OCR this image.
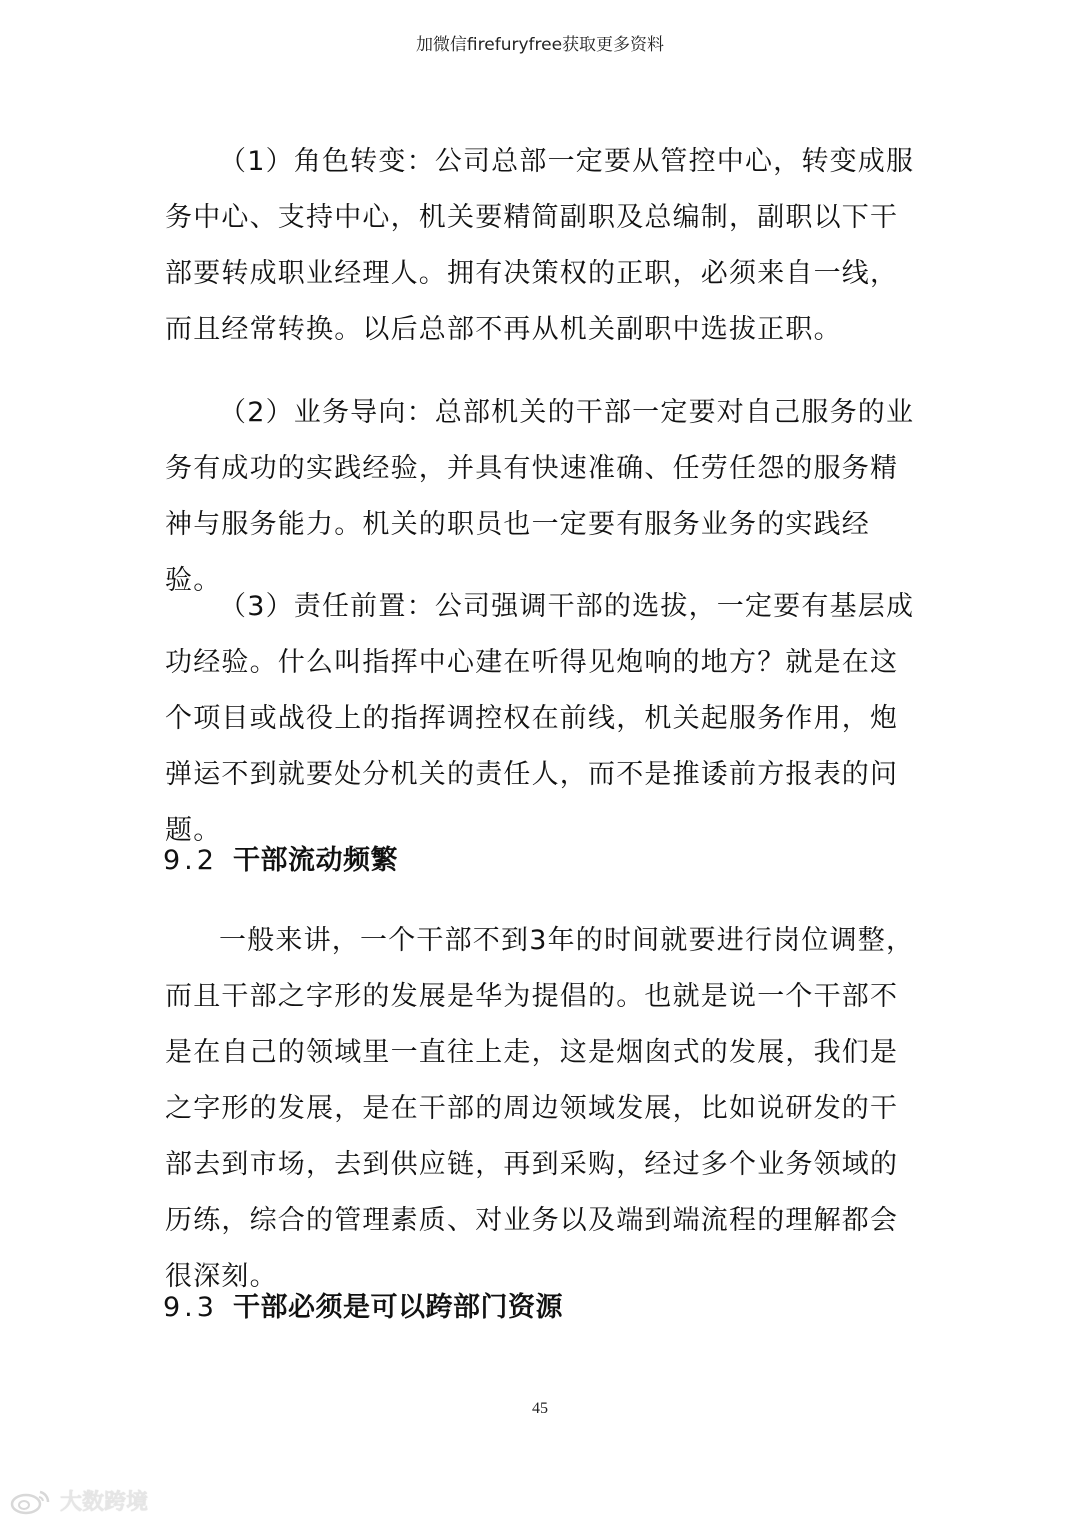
加微信firefuryfree获取更多资料

（1）角色转变：公司总部一定要从管控中心，转变成服务中心、支持中心，机关要精简副职及总编制，副职以下干部要转成职业经理人。拥有决策权的正职，必须来自一线，而且经常转换。以后总部不再从机关副职中选拔正职。

（2）业务导向：总部机关的干部一定要对自己服务的业务有成功的实践经验，并具有快速准确、任劳任怨的服务精神与服务能力。机关的职员也一定要有服务业务的实践经验。

（3）责任前置：公司强调干部的选拔，一定要有基层成功经验。什么叫指挥中心建在听得见炮响的地方？就是在这个项目或战役上的指挥调控权在前线，机关起服务作用，炮弹运不到就要处分机关的责任人，而不是推诿前方报表的问题。

9.2 干部流动频繁

一般来讲，一个干部不到3年的时间就要进行岗位调整，而且干部之字形的发展是华为提倡的。也就是说一个干部不是在自己的领域里一直往上走，这是烟囱式的发展，我们是之字形的发展，是在干部的周边领域发展，比如说研发的干部去到市场，去到供应链，再到采购，经过多个业务领域的历练，综合的管理素质、对业务以及端到端流程的理解都会很深刻。

9.3 干部必须是可以跨部门资源
45
大数跨境
